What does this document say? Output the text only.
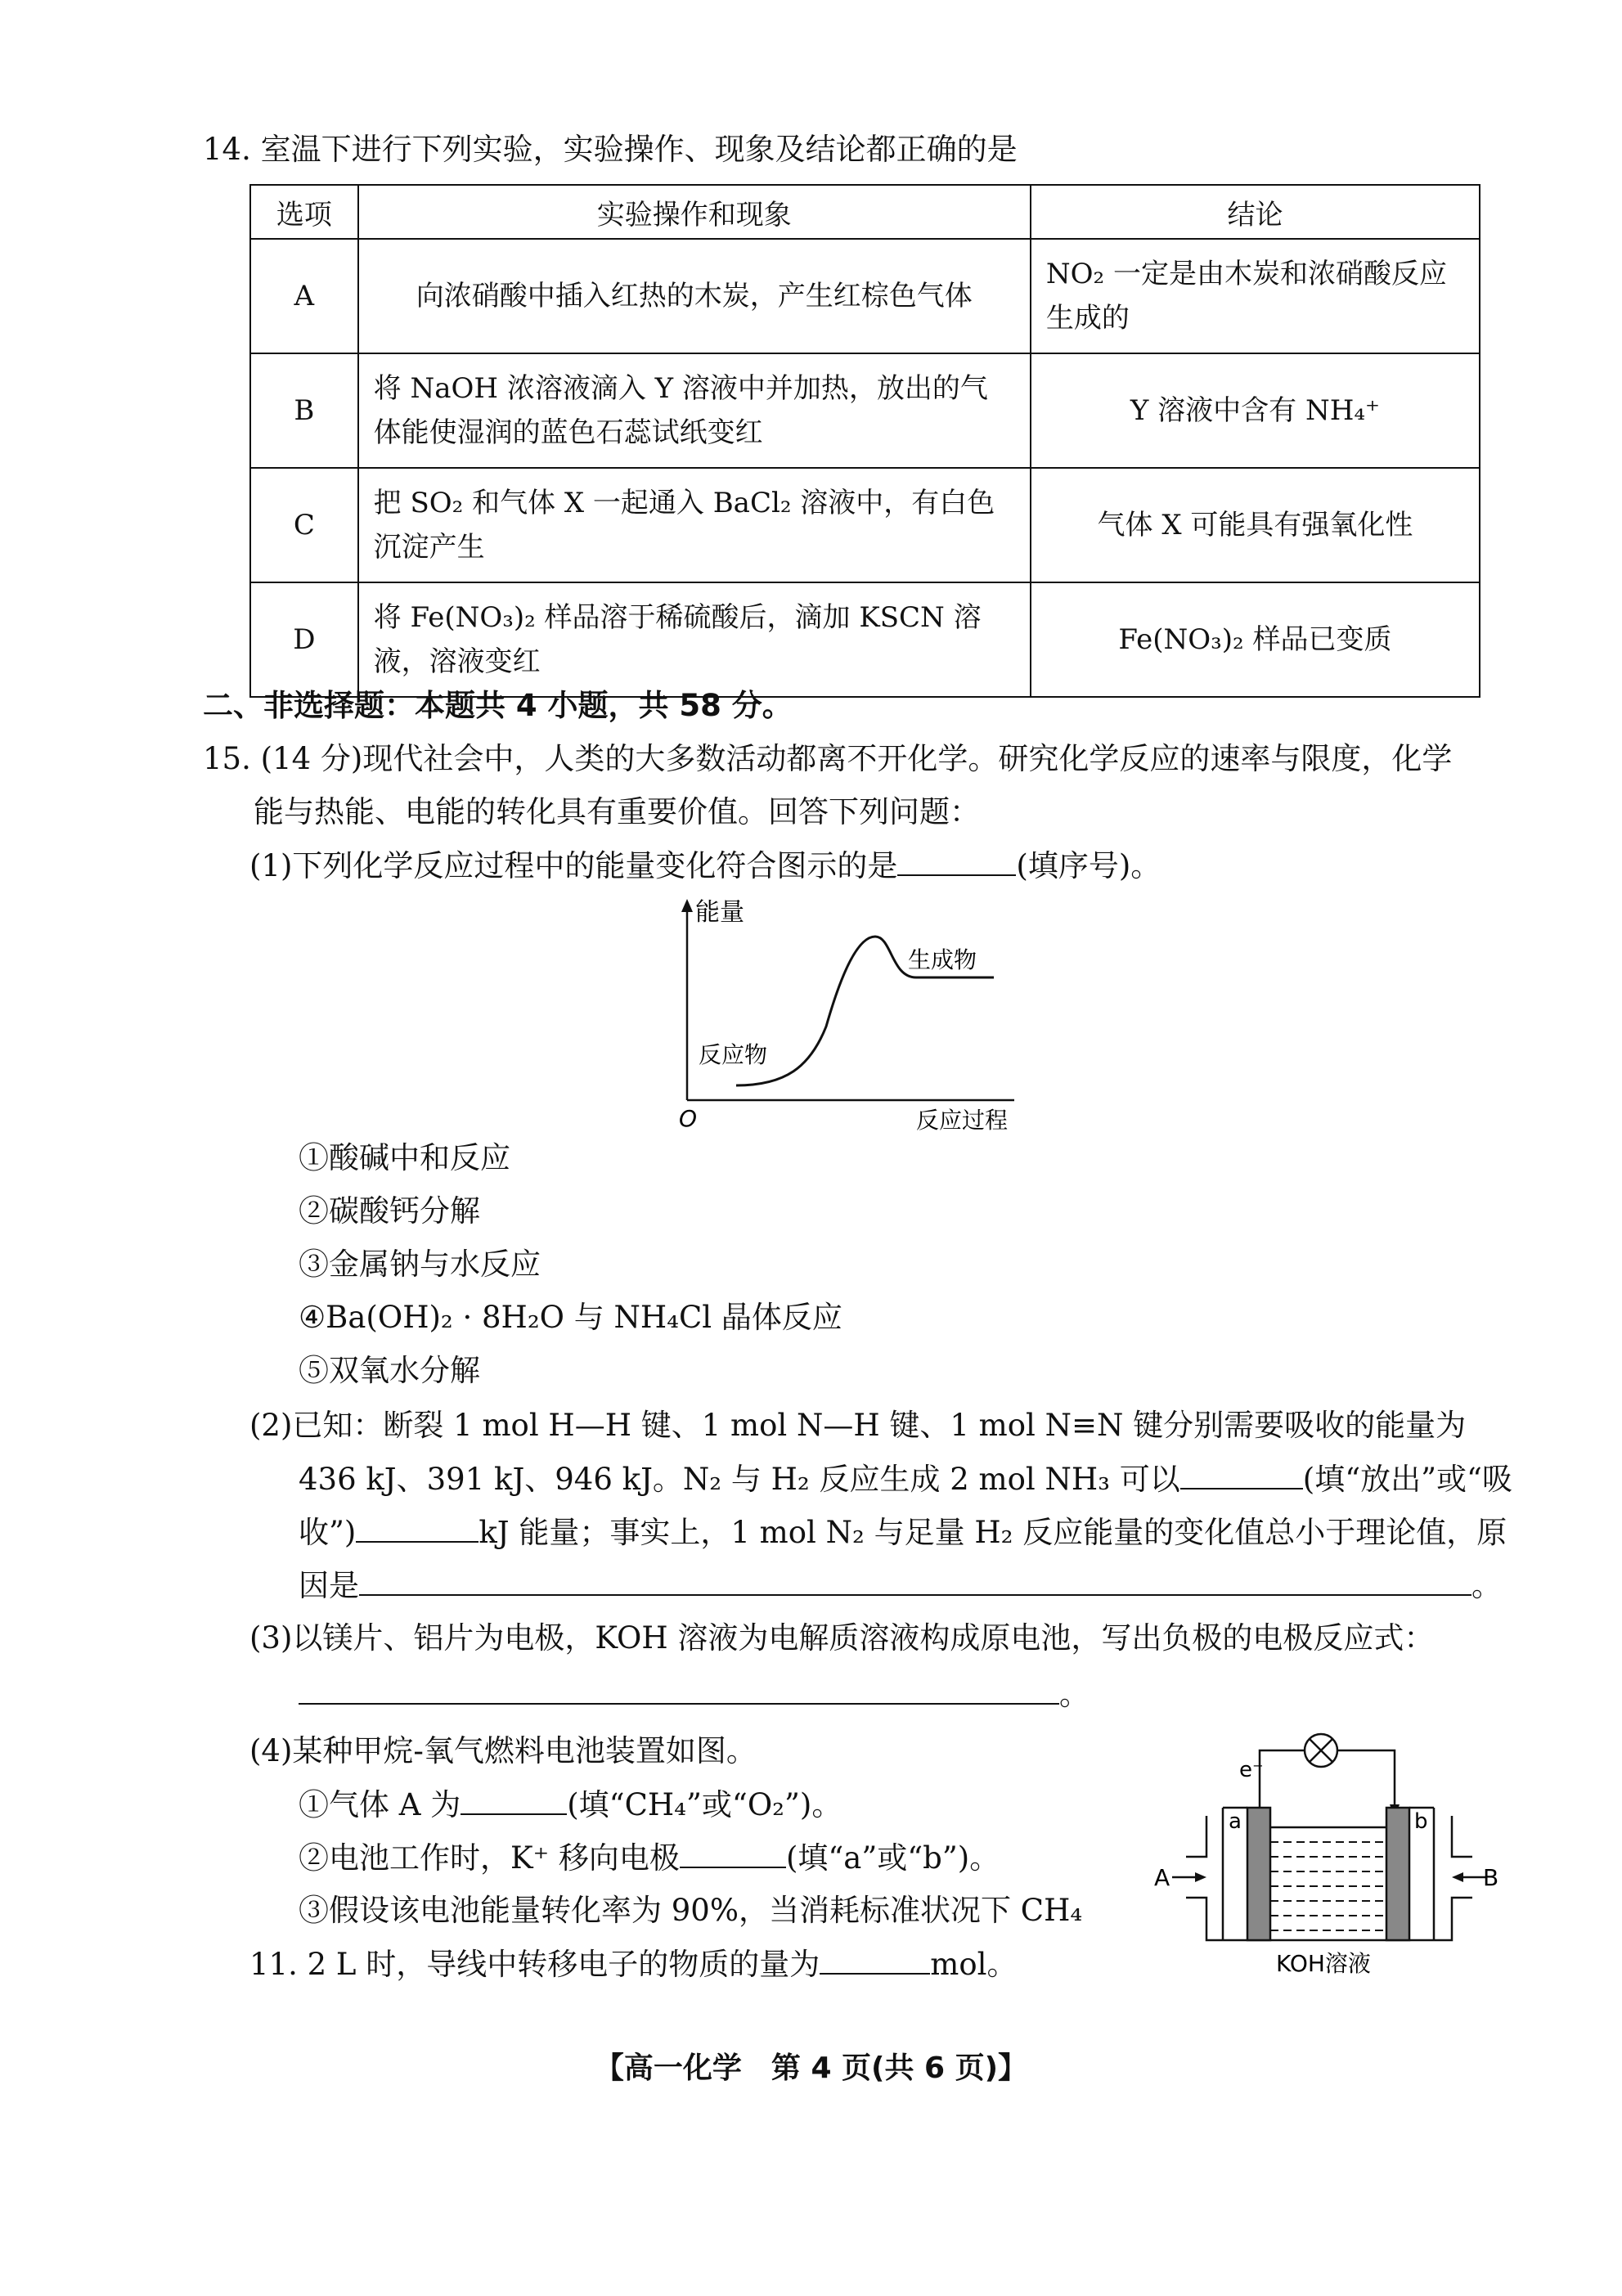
14. 室温下进行下列实验，实验操作、现象及结论都正确的是
选项	实验操作和现象	结论
A	向浓硝酸中插入红热的木炭，产生红棕色气体	NO₂ 一定是由木炭和浓硝酸反应生成的
B	将 NaOH 浓溶液滴入 Y 溶液中并加热，放出的气体能使湿润的蓝色石蕊试纸变红	Y 溶液中含有 NH₄⁺
C	把 SO₂ 和气体 X 一起通入 BaCl₂ 溶液中，有白色沉淀产生	气体 X 可能具有强氧化性
D	将 Fe(NO₃)₂ 样品溶于稀硫酸后，滴加 KSCN 溶液，溶液变红	Fe(NO₃)₂ 样品已变质
二、非选择题：本题共 4 小题，共 58 分。
15. (14 分)现代社会中，人类的大多数活动都离不开化学。研究化学反应的速率与限度，化学
能与热能、电能的转化具有重要价值。回答下列问题：
(1)下列化学反应过程中的能量变化符合图示的是	(填序号)。
能量
O	反应过程
反应物
生成物
①酸碱中和反应
②碳酸钙分解
③金属钠与水反应
④Ba(OH)₂ · 8H₂O 与 NH₄Cl 晶体反应
⑤双氧水分解
(2)已知：断裂 1 mol H—H 键、1 mol N—H 键、1 mol N≡N 键分别需要吸收的能量为
436 kJ、391 kJ、946 kJ。N₂ 与 H₂ 反应生成 2 mol NH₃ 可以	(填“放出”或“吸
收”)	kJ 能量；事实上，1 mol N₂ 与足量 H₂ 反应能量的变化值总小于理论值，原
因是	。
(3)以镁片、铝片为电极，KOH 溶液为电解质溶液构成原电池，写出负极的电极反应式：
。
(4)某种甲烷-氧气燃料电池装置如图。
①气体 A 为	(填“CH₄”或“O₂”)。
②电池工作时，K⁺ 移向电极	(填“a”或“b”)。
③假设该电池能量转化率为 90%，当消耗标准状况下 CH₄
11. 2 L 时，导线中转移电子的物质的量为	mol。
e⁻
a	b
A	B
KOH溶液
【高一化学　第 4 页(共 6 页)】
